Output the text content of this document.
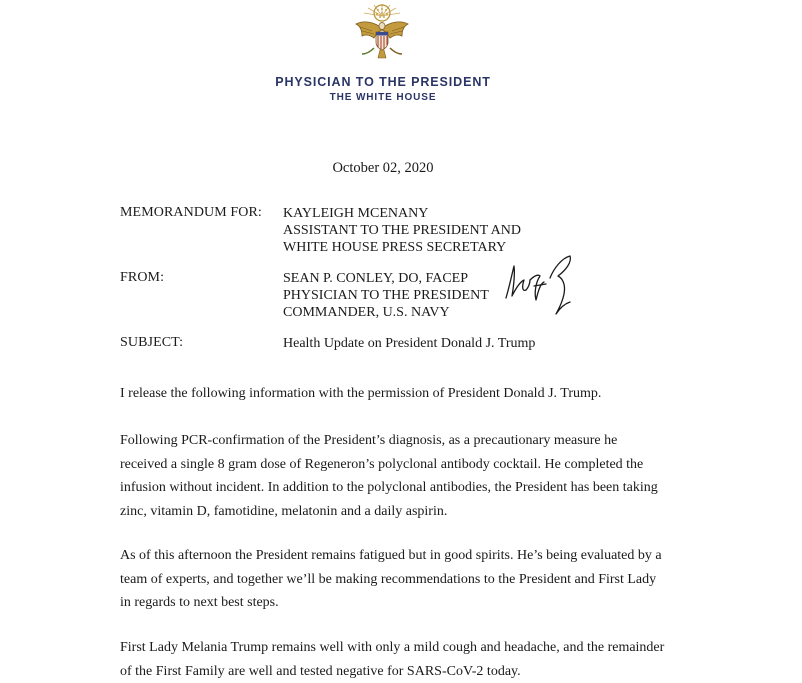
PHYSICIAN TO THE PRESIDENT
THE WHITE HOUSE
October 02, 2020
MEMORANDUM FOR: KAYLEIGH MCENANY
ASSISTANT TO THE PRESIDENT AND
WHITE HOUSE PRESS SECRETARY
FROM:	SEAN P. CONLEY, DO, FACEP
PHYSICIAN TO THE PRESIDENT
COMMANDER, U.S. NAVY
SUBJECT:	Health Update on President Donald J. Trump
I release the following information with the permission of President Donald J. Trump.
Following PCR-confirmation of the President’s diagnosis, as a precautionary measure he
received a single 8 gram dose of Regeneron’s polyclonal antibody cocktail. He completed the
infusion without incident. In addition to the polyclonal antibodies, the President has been taking
zinc, vitamin D, famotidine, melatonin and a daily aspirin.
As of this afternoon the President remains fatigued but in good spirits. He’s being evaluated by a
team of experts, and together we’ll be making recommendations to the President and First Lady
in regards to next best steps.
First Lady Melania Trump remains well with only a mild cough and headache, and the remainder
of the First Family are well and tested negative for SARS-CoV-2 today.
